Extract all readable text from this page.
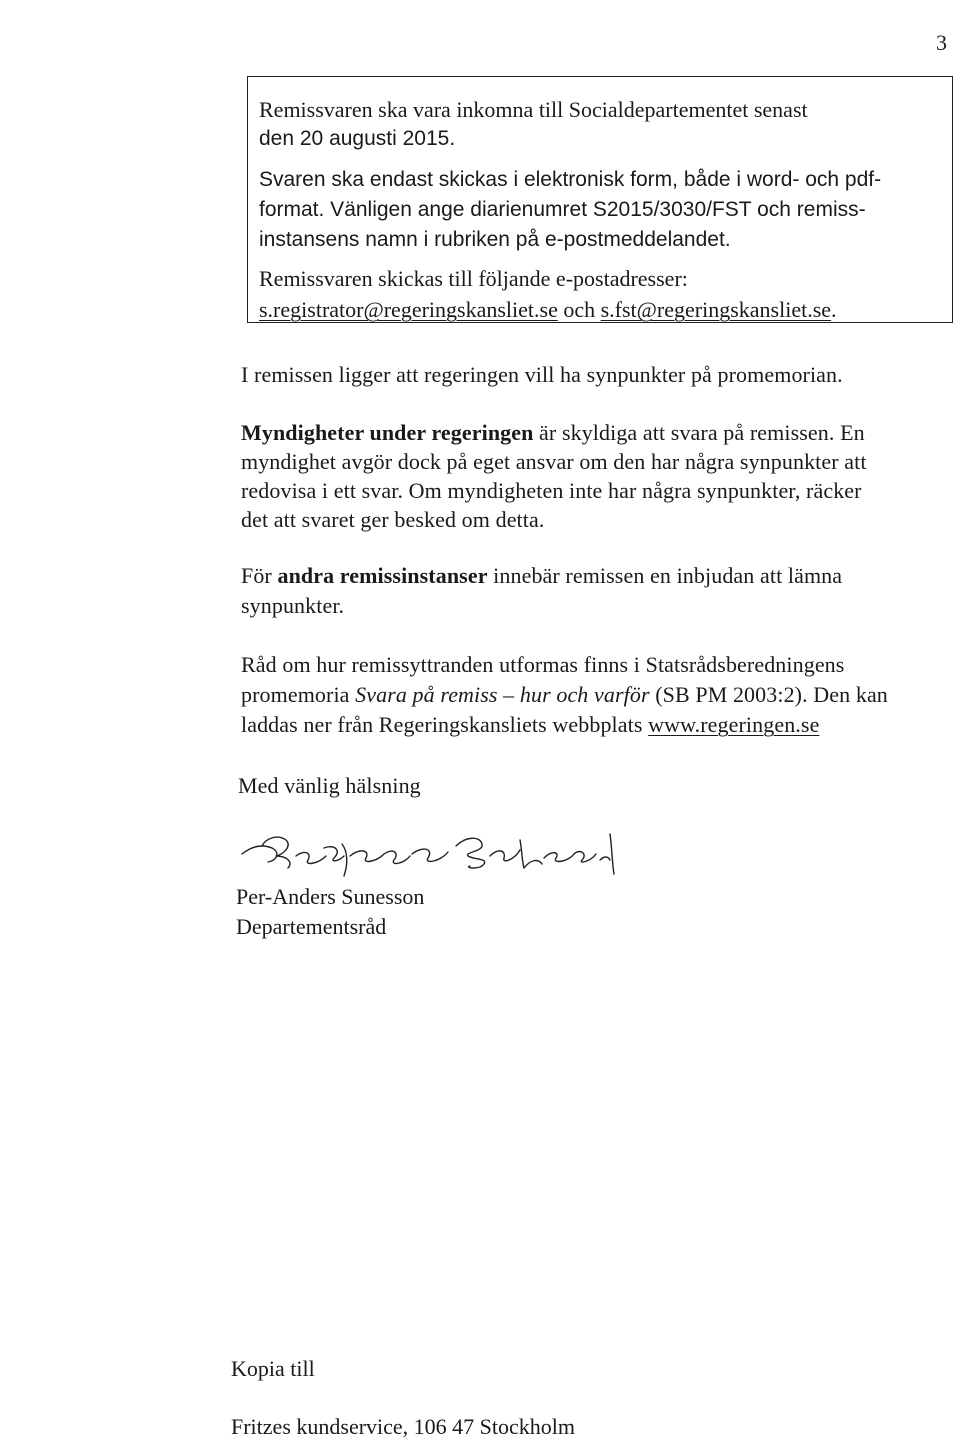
3
Remissvaren ska vara inkomna till Socialdepartementet senast
den 20 augusti 2015.
Svaren ska endast skickas i elektronisk form, både i word- och pdf-
format. Vänligen ange diarienumret S2015/3030/FST och remiss-
instansens namn i rubriken på e-postmeddelandet.
Remissvaren skickas till följande e-postadresser:
s.registrator@regeringskansliet.se och s.fst@regeringskansliet.se.
I remissen ligger att regeringen vill ha synpunkter på promemorian.
Myndigheter under regeringen är skyldiga att svara på remissen. En
myndighet avgör dock på eget ansvar om den har några synpunkter att
redovisa i ett svar. Om myndigheten inte har några synpunkter, räcker
det att svaret ger besked om detta.
För andra remissinstanser innebär remissen en inbjudan att lämna
synpunkter.
Råd om hur remissyttranden utformas finns i Statsrådsberedningens
promemoria Svara på remiss – hur och varför (SB PM 2003:2). Den kan
laddas ner från Regeringskansliets webbplats www.regeringen.se
Med vänlig hälsning
Per-Anders Sunesson
Departementsråd
Kopia till
Fritzes kundservice, 106 47 Stockholm
